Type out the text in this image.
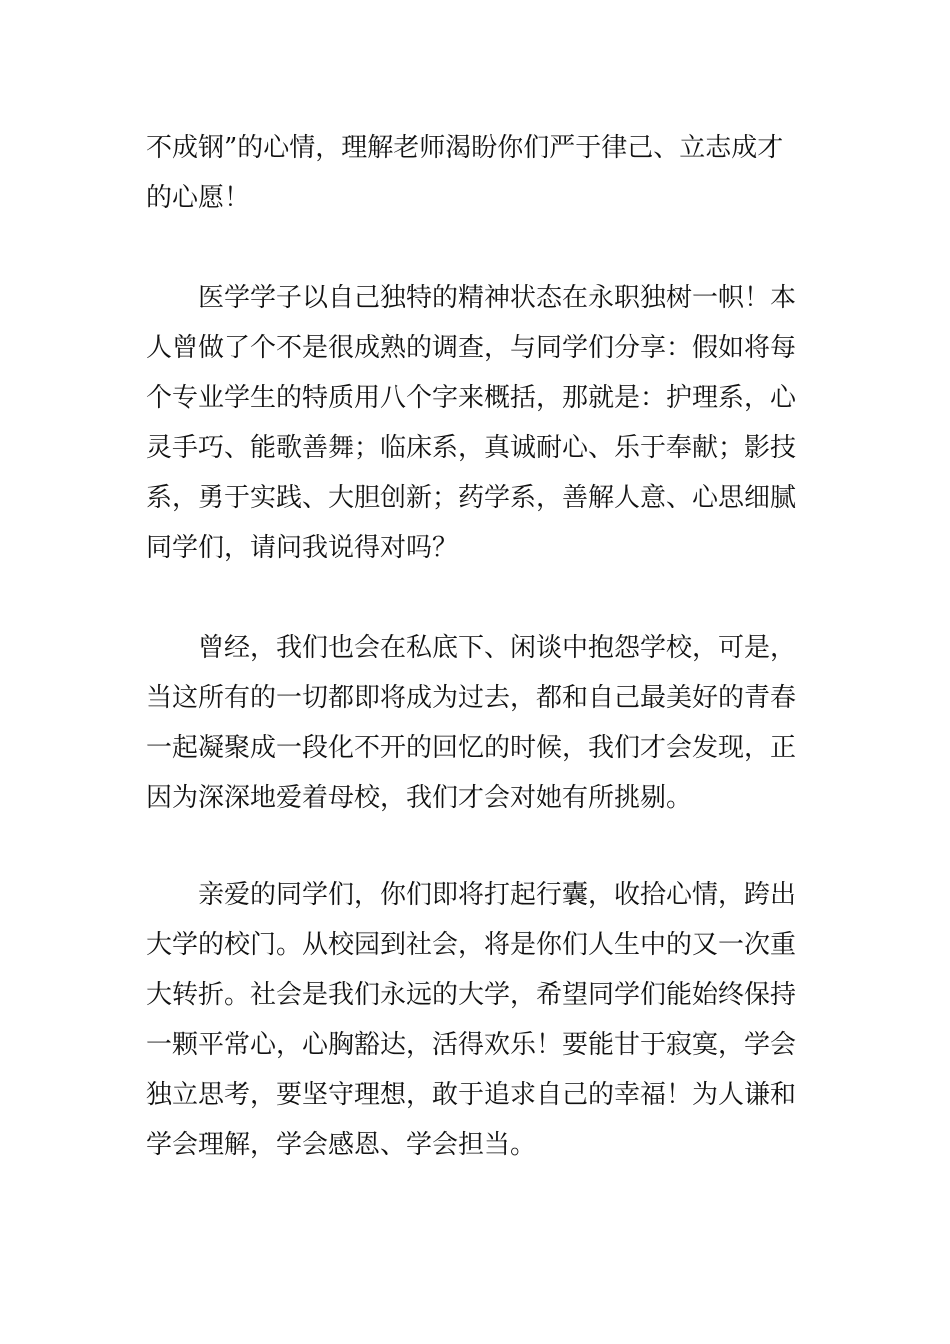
不成钢”的心情，理解老师渴盼你们严于律己、立志成才
的心愿！
医学学子以自己独特的精神状态在永职独树一帜！本
人曾做了个不是很成熟的调查，与同学们分享：假如将每
个专业学生的特质用八个字来概括，那就是：护理系，心
灵手巧、能歌善舞；临床系，真诚耐心、乐于奉献；影技
系，勇于实践、大胆创新；药学系，善解人意、心思细腻
同学们，请问我说得对吗？
曾经，我们也会在私底下、闲谈中抱怨学校，可是，
当这所有的一切都即将成为过去，都和自己最美好的青春
一起凝聚成一段化不开的回忆的时候，我们才会发现，正
因为深深地爱着母校，我们才会对她有所挑剔。
亲爱的同学们，你们即将打起行囊，收拾心情，跨出
大学的校门。从校园到社会，将是你们人生中的又一次重
大转折。社会是我们永远的大学，希望同学们能始终保持
一颗平常心，心胸豁达，活得欢乐！要能甘于寂寞，学会
独立思考，要坚守理想，敢于追求自己的幸福！为人谦和
学会理解，学会感恩、学会担当。
